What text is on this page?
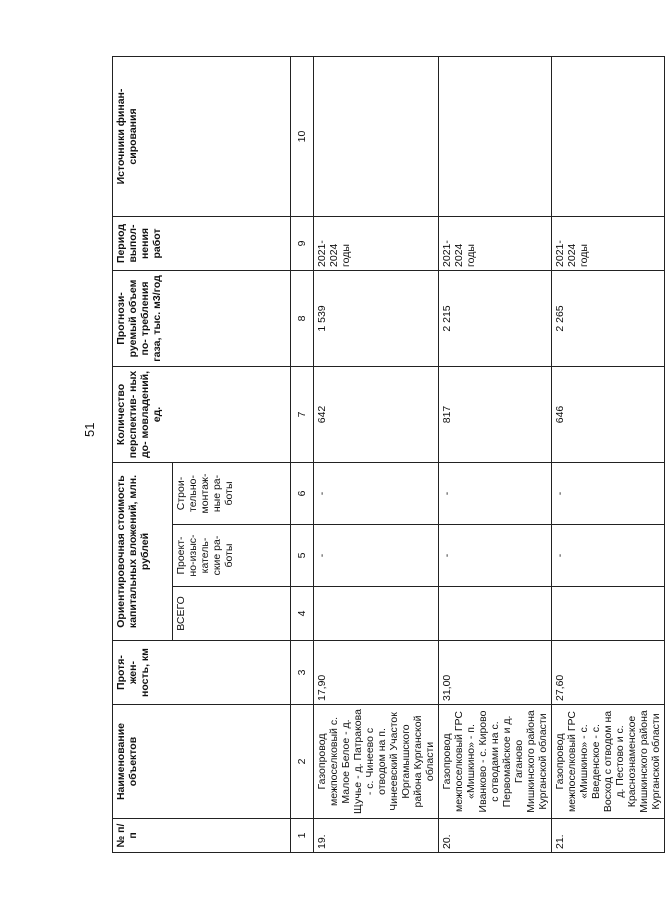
51
№ п/п	Наименование объектов	Протя- жен- ность, км	Ориентировочная стоимость капитальных вложений, млн. рублей			Количество перспектив- ных до- мовладений, ед.	Прогнози- руемый объем по- требления газа, тыс. м3/год	Период выпол- нения работ	Источники финан- сирования
			ВСЕГО	Проект- но-изыс- катель- ские ра- боты	Строи- тельно- монтаж- ные ра- боты				
1	2	3	4	5	6	7	8	9	10
19.	Газопровод межпоселковый с. Малое Белое - д. Щучье - д. Патракова - с. Чинеево с отводом на п. Чинеевский Участок Юргамышского района Курганской области	17,90		-	-	642	1 539	2021- 2024 годы	
20.	Газопровод межпоселковый ГРС «Мишкино» - п. Иванково - с. Кирово с отводами на с. Первомайское и д. Гаганово Мишкинского района Курганской области	31,00		-	-	817	2 215	2021- 2024 годы	
21.	Газопровод межпоселковый ГРС «Мишкино» - с. Введенское - с. Восход с отводом на д. Пестово и с. Краснознаменское Мишкинского района Курганской области	27,60		-	-	646	2 265	2021- 2024 годы	
